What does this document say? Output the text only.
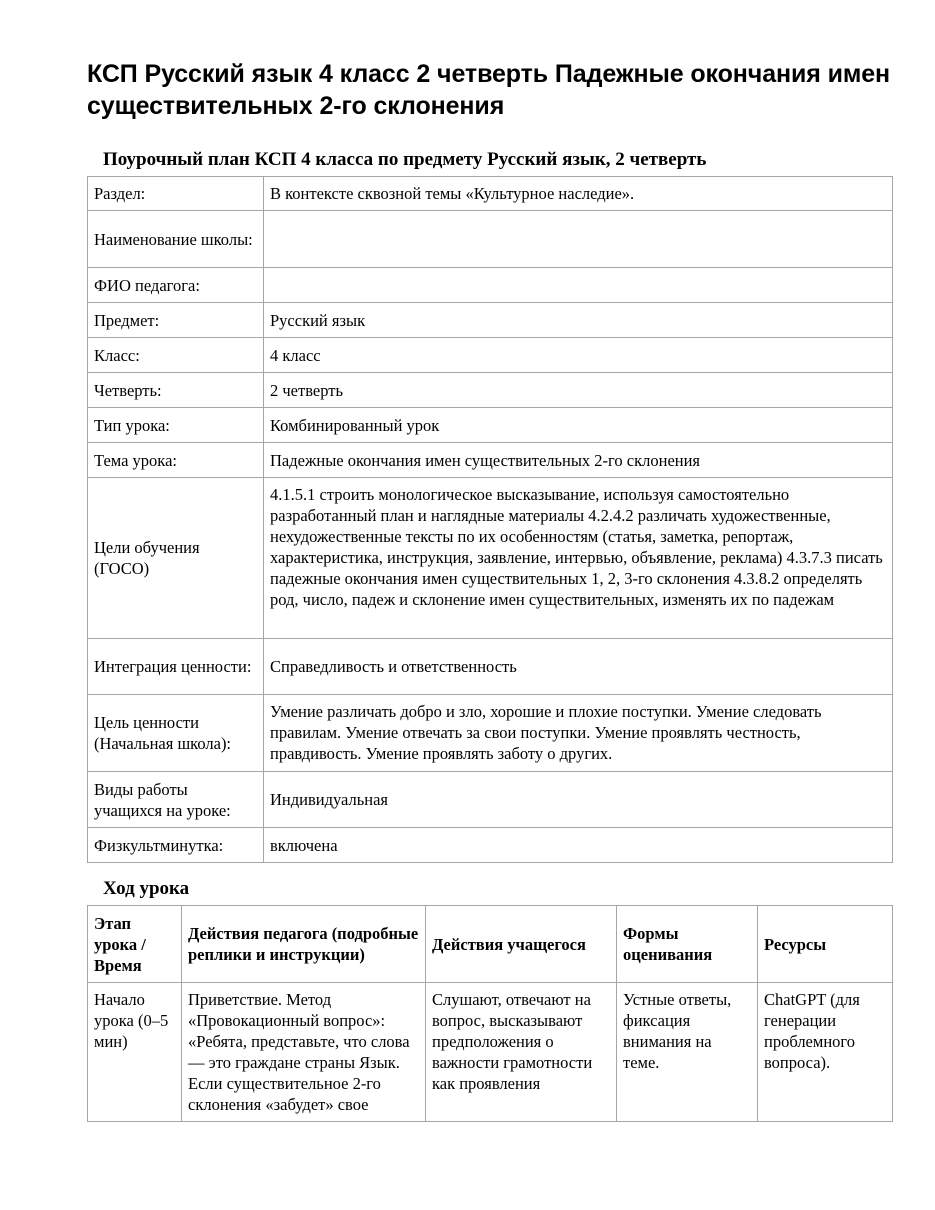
КСП Русский язык 4 класс 2 четверть Падежные окончания имен существительных 2-го склонения
Поурочный план КСП 4 класса по предмету Русский язык, 2 четверть
Раздел:	В контексте сквозной темы «Культурное наследие».
Наименование школы:	
ФИО педагога:	
Предмет:	Русский язык
Класс:	4 класс
Четверть:	2 четверть
Тип урока:	Комбинированный урок
Тема урока:	Падежные окончания имен существительных 2-го склонения
Цели обучения (ГОСО)	4.1.5.1 строить монологическое высказывание, используя самостоятельно разработанный план и наглядные материалы 4.2.4.2 различать художественные, нехудожественные тексты по их особенностям (статья, заметка, репортаж, характеристика, инструкция, заявление, интервью, объявление, реклама) 4.3.7.3 писать падежные окончания имен существительных 1, 2, 3-го склонения 4.3.8.2 определять род, число, падеж и склонение имен существительных, изменять их по падежам
Интеграция ценности:	Справедливость и ответственность
Цель ценности (Начальная школа):	Умение различать добро и зло, хорошие и плохие поступки. Умение следовать правилам. Умение отвечать за свои поступки. Умение проявлять честность, правдивость. Умение проявлять заботу о других.
Виды работы учащихся на уроке:	Индивидуальная
Физкультминутка:	включена
Ход урока
Этап урока / Время	Действия педагога (подробные реплики и инструкции)	Действия учащегося	Формы оценивания	Ресурсы
Начало урока (0–5 мин)	Приветствие. Метод «Провокационный вопрос»: «Ребята, представьте, что слова — это граждане страны Язык. Если существительное 2-го склонения «забудет» свое	Слушают, отвечают на вопрос, высказывают предположения о важности грамотности как проявления	Устные ответы, фиксация внимания на теме.	ChatGPT (для генерации проблемного вопроса).
